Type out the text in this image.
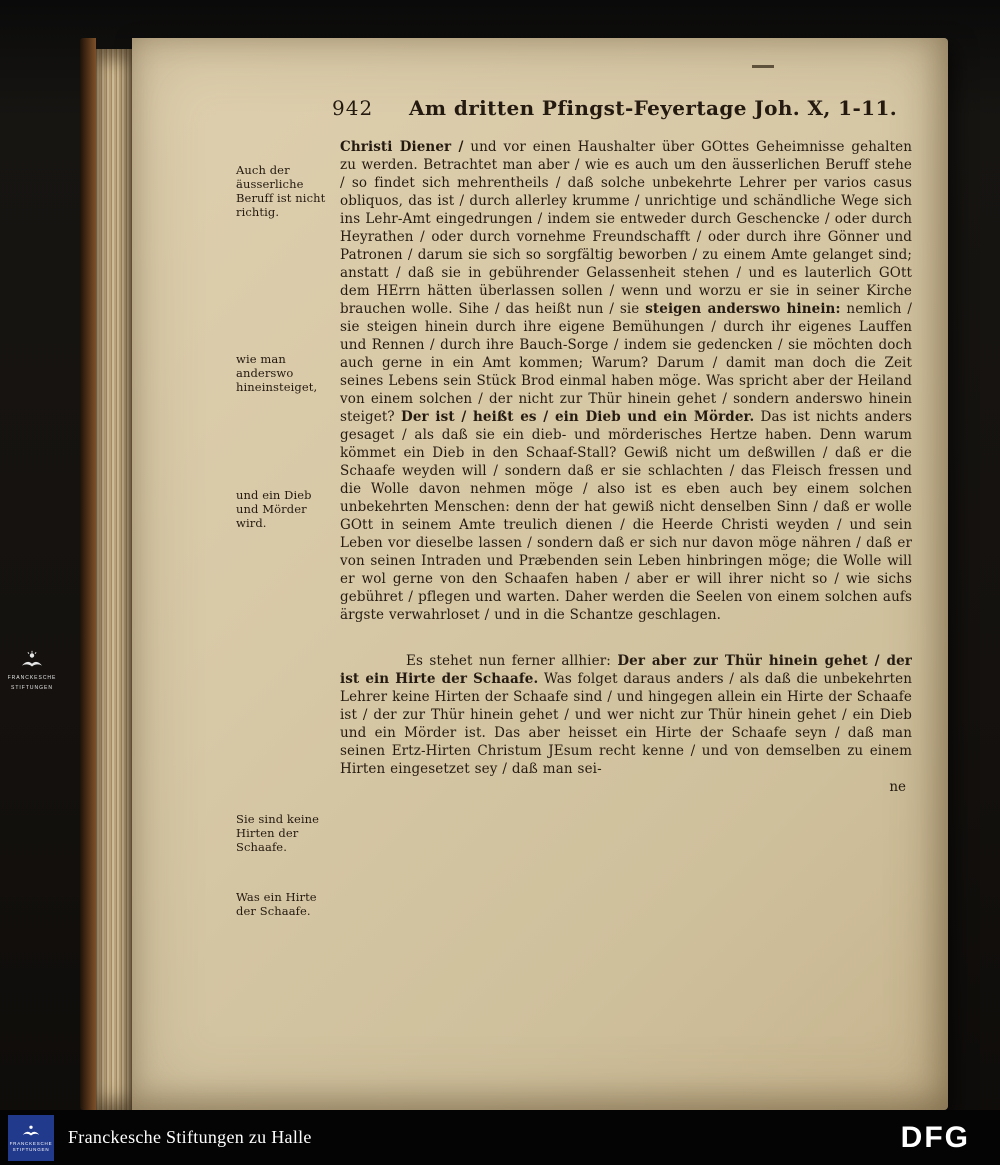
942	Am dritten Pfingst-Feyertage Joh. X, 1-11.
Auch der äusserliche Beruff ist nicht richtig.
wie man anderswo hineinsteiget,
und ein Dieb und Mörder wird.
Sie sind keine Hirten der Schaafe.
Was ein Hirte der Schaafe.

Christi Diener / und vor einen Haushalter über GOttes Geheimnisse gehalten zu werden. Betrachtet man aber / wie es auch um den äusserlichen Beruff stehe / so findet sich mehrentheils / daß solche unbekehrte Lehrer per varios casus obliquos, das ist / durch allerley krumme / unrichtige und schändliche Wege sich ins Lehr-Amt eingedrungen / indem sie entweder durch Geschencke / oder durch Heyrathen / oder durch vornehme Freundschafft / oder durch ihre Gönner und Patronen / darum sie sich so sorgfältig beworben / zu einem Amte gelanget sind; anstatt / daß sie in gebührender Gelassenheit stehen / und es lauterlich GOtt dem HErrn hätten überlassen sollen / wenn und worzu er sie in seiner Kirche brauchen wolle. Sihe / das heißt nun / sie steigen anderswo hinein: nemlich / sie steigen hinein durch ihre eigene Bemühungen / durch ihr eigenes Lauffen und Rennen / durch ihre Bauch-Sorge / indem sie gedencken / sie möchten doch auch gerne in ein Amt kommen; Warum? Darum / damit man doch die Zeit seines Lebens sein Stück Brod einmal haben möge. Was spricht aber der Heiland von einem solchen / der nicht zur Thür hinein gehet / sondern anderswo hinein steiget? Der ist / heißt es / ein Dieb und ein Mörder. Das ist nichts anders gesaget / als daß sie ein dieb- und mörderisches Hertze haben. Denn warum kömmet ein Dieb in den Schaaf-Stall? Gewiß nicht um deßwillen / daß er die Schaafe weyden will / sondern daß er sie schlachten / das Fleisch fressen und die Wolle davon nehmen möge / also ist es eben auch bey einem solchen unbekehrten Menschen: denn der hat gewiß nicht denselben Sinn / daß er wolle GOtt in seinem Amte treulich dienen / die Heerde Christi weyden / und sein Leben vor dieselbe lassen / sondern daß er sich nur davon möge nähren / daß er von seinen Intraden und Præbenden sein Leben hinbringen möge; die Wolle will er wol gerne von den Schaafen haben / aber er will ihrer nicht so / wie sichs gebühret / pflegen und warten. Daher werden die Seelen von einem solchen aufs ärgste verwahrloset / und in die Schantze geschlagen.

Es stehet nun ferner allhier: Der aber zur Thür hinein gehet / der ist ein Hirte der Schaafe. Was folget daraus anders / als daß die unbekehrten Lehrer keine Hirten der Schaafe sind / und hingegen allein ein Hirte der Schaafe ist / der zur Thür hinein gehet / und wer nicht zur Thür hinein gehet / ein Dieb und ein Mörder ist. Das aber heisset ein Hirte der Schaafe seyn / daß man seinen Ertz-Hirten Christum JEsum recht kenne / und von demselben zu einem Hirten eingesetzet sey / daß man sei-

ne
FRANCKESCHE
STIFTUNGEN
FRANCKESCHE
STIFTUNGEN
Franckesche Stiftungen zu Halle	DFG
